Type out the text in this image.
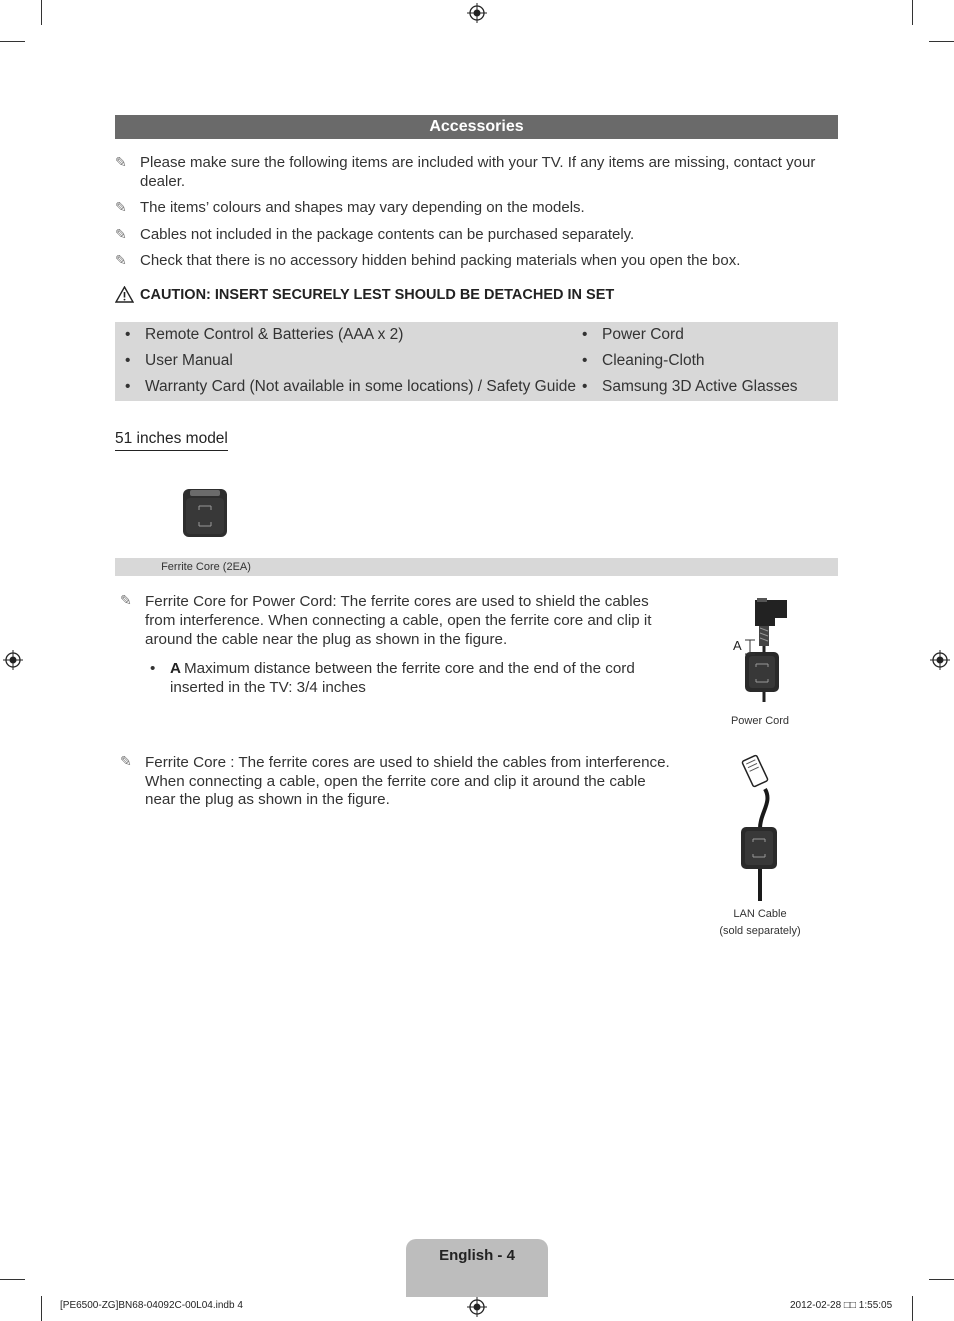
Accessories
✎ Please make sure the following items are included with your TV. If any items are missing, contact your
dealer.
✎ The items’ colours and shapes may vary depending on the models.
✎ Cables not included in the package contents can be purchased separately.
✎ Check that there is no accessory hidden behind packing materials when you open the box.
CAUTION: INSERT SECURELY LEST SHOULD BE DETACHED IN SET
• Remote Control & Batteries (AAA x 2)
• User Manual
• Warranty Card (Not available in some locations) / Safety Guide
• Power Cord
• Cleaning-Cloth
• Samsung 3D Active Glasses
51 inches model
Ferrite Core (2EA)
✎ Ferrite Core for Power Cord: The ferrite cores are used to shield the cables
from interference. When connecting a cable, open the ferrite core and clip it
around the cable near the plug as shown in the figure.
• A Maximum distance between the ferrite core and the end of the cord
inserted in the TV: 3/4 inches
A
Power Cord
✎ Ferrite Core : The ferrite cores are used to shield the cables from interference.
When connecting a cable, open the ferrite core and clip it around the cable
near the plug as shown in the figure.
LAN Cable
(sold separately)
English - 4
[PE6500-ZG]BN68-04092C-00L04.indb 4	2012-02-28 □□ 1:55:05
